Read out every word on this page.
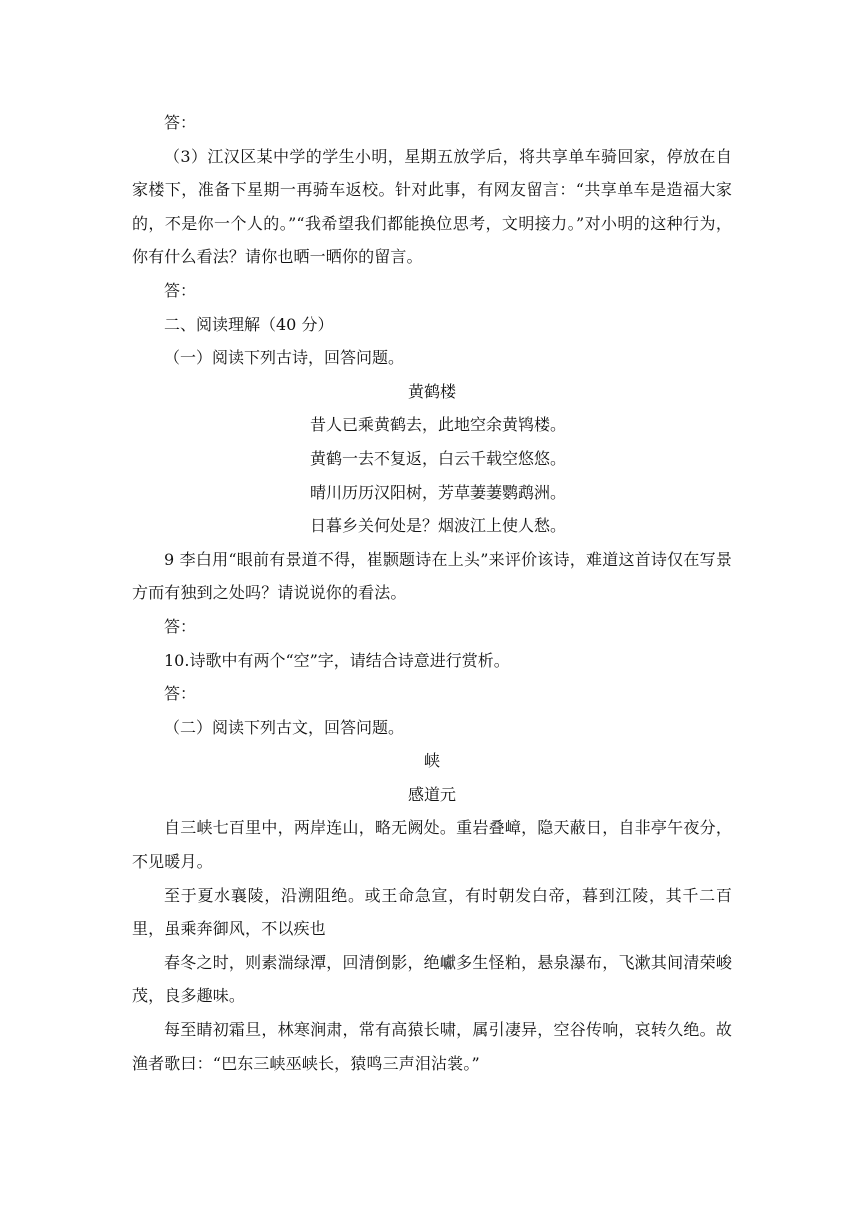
答：

（3）江汉区某中学的学生小明，星期五放学后，将共享单车骑回家，停放在自家楼下，准备下星期一再骑车返校。针对此事，有网友留言：“共享单车是造福大家的，不是你一个人的。”“我希望我们都能换位思考，文明接力。”对小明的这种行为，你有什么看法？请你也晒一晒你的留言。

答：

二、阅读理解（40 分）

（一）阅读下列古诗，回答问题。

黄鹤楼

昔人已乘黄鹤去，此地空余黄鸨楼。

黄鹤一去不复返，白云千载空悠悠。

晴川历历汉阳树，芳草萋萋鹦鹉洲。

日暮乡关何处是？烟波江上使人愁。

9 李白用“眼前有景道不得，崔颢题诗在上头”来评价该诗，难道这首诗仅在写景方而有独到之处吗？请说说你的看法。

答：

10.诗歌中有两个“空”字，请结合诗意进行赏析。

答：

（二）阅读下列古文，回答问题。

峡

感道元

自三峡七百里中，两岸连山，略无阙处。重岩叠嶂，隐天蔽日，自非亭午夜分，不见暖月。

至于夏水襄陵，沿溯阻绝。或王命急宣，有时朝发白帝，暮到江陵，其千二百里，虽乘奔御风，不以疾也

春冬之时，则素湍绿潭，回清倒影，绝巘多生怪粕，悬泉瀑布，飞漱其间清荣峻茂，良多趣味。

每至睛初霜旦，林寒涧肃，常有高猿长啸，属引凄异，空谷传响，哀转久绝。故渔者歌曰：“巴东三峡巫峡长，猿鸣三声泪沾裳。”
